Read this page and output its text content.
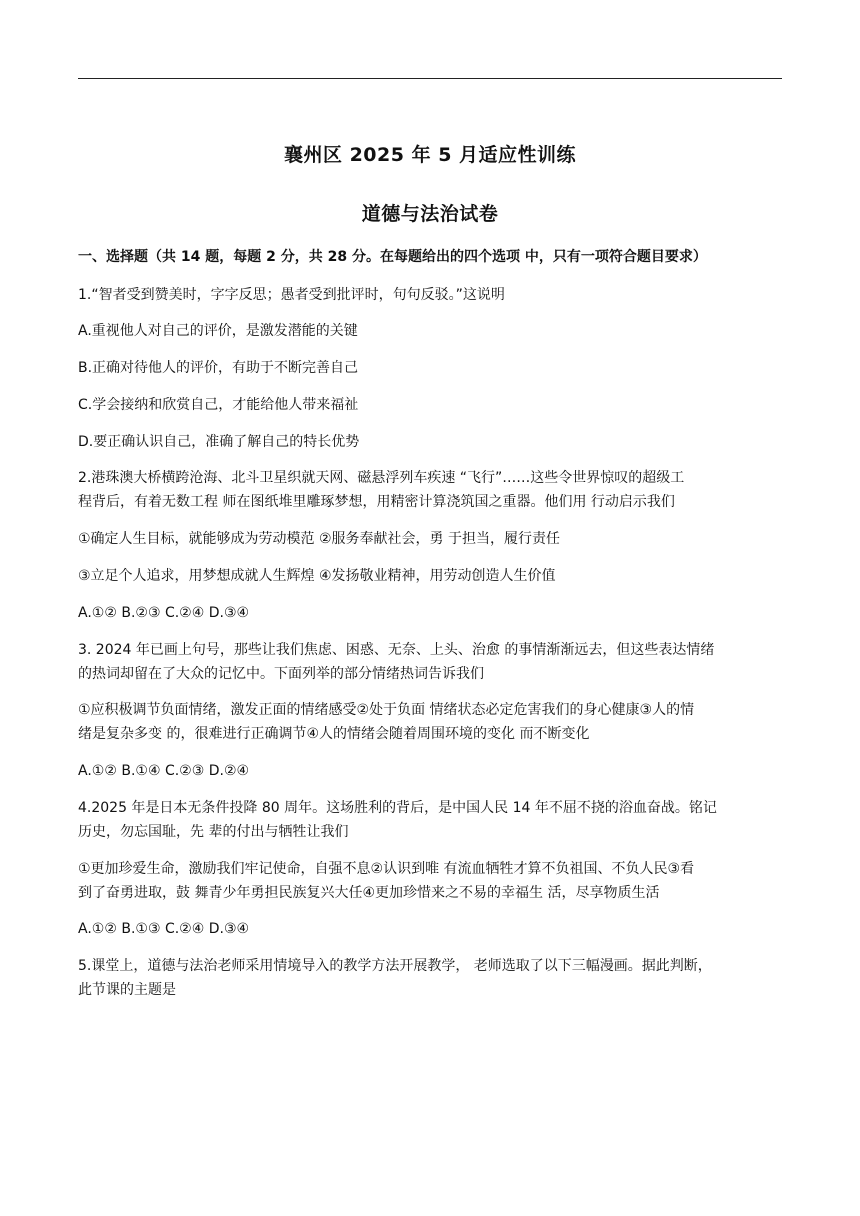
襄州区 2025 年 5 月适应性训练
道德与法治试卷
一、选择题（共 14 题，每题 2 分，共 28 分。在每题给出的四个选项 中，只有一项符合题目要求）
1.“智者受到赞美时，字字反思；愚者受到批评时，句句反驳。”这说明
A.重视他人对自己的评价，是激发潜能的关键
B.正确对待他人的评价，有助于不断完善自己
C.学会接纳和欣赏自己，才能给他人带来福祉
D.要正确认识自己，准确了解自己的特长优势
2.港珠澳大桥横跨沧海、北斗卫星织就天网、磁悬浮列车疾速 “飞行”……这些令世界惊叹的超级工
程背后，有着无数工程 师在图纸堆里雕琢梦想，用精密计算浇筑国之重器。他们用 行动启示我们
①确定人生目标，就能够成为劳动模范 ②服务奉献社会，勇 于担当，履行责任
③立足个人追求，用梦想成就人生辉煌 ④发扬敬业精神，用劳动创造人生价值
A.①② B.②③ C.②④ D.③④
3. 2024 年已画上句号，那些让我们焦虑、困惑、无奈、上头、治愈 的事情渐渐远去，但这些表达情绪
的热词却留在了大众的记忆中。下面列举的部分情绪热词告诉我们
①应积极调节负面情绪，激发正面的情绪感受②处于负面 情绪状态必定危害我们的身心健康③人的情
绪是复杂多变 的，很难进行正确调节④人的情绪会随着周围环境的变化 而不断变化
A.①② B.①④ C.②③ D.②④
4.2025 年是日本无条件投降 80 周年。这场胜利的背后，是中国人民 14 年不屈不挠的浴血奋战。铭记
历史，勿忘国耻，先 辈的付出与牺牲让我们
①更加珍爱生命，激励我们牢记使命，自强不息②认识到唯 有流血牺牲才算不负祖国、不负人民③看
到了奋勇进取，鼓 舞青少年勇担民族复兴大任④更加珍惜来之不易的幸福生 活，尽享物质生活
A.①② B.①③ C.②④ D.③④
5.课堂上，道德与法治老师采用情境导入的教学方法开展教学， 老师选取了以下三幅漫画。据此判断，
此节课的主题是
